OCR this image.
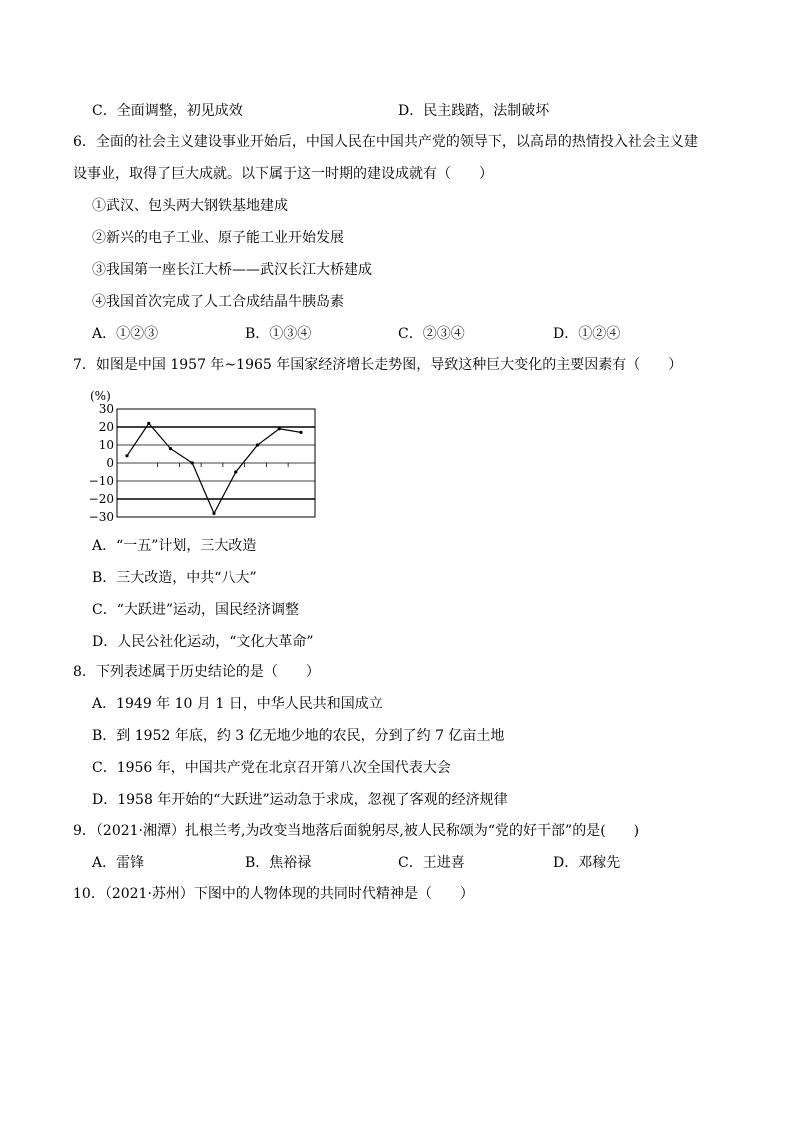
C．全面调整，初见成效	D．民主践踏，法制破坏
6．全面的社会主义建设事业开始后，中国人民在中国共产党的领导下，以高昂的热情投入社会主义建
设事业，取得了巨大成就。以下属于这一时期的建设成就有（　　）
①武汉、包头两大钢铁基地建成
②新兴的电子工业、原子能工业开始发展
③我国第一座长江大桥——武汉长江大桥建成
④我国首次完成了人工合成结晶牛胰岛素
A．①②③	B．①③④	C．②③④	D．①②④
7．如图是中国 1957 年~1965 年国家经济增长走势图，导致这种巨大变化的主要因素有（　　）
(%)
30
20
10
0
−10
−20
−30
A．“一五”计划，三大改造
B．三大改造，中共“八大”
C．“大跃进”运动，国民经济调整
D．人民公社化运动，“文化大革命”
8．下列表述属于历史结论的是（　　）
A．1949 年 10 月 1 日，中华人民共和国成立
B．到 1952 年底，约 3 亿无地少地的农民，分到了约 7 亿亩土地
C．1956 年，中国共产党在北京召开第八次全国代表大会
D．1958 年开始的“大跃进”运动急于求成，忽视了客观的经济规律
9．（2021·湘潭）扎根兰考,为改变当地落后面貌躬尽,被人民称颂为“党的好干部”的是(　　)
A．雷锋	B．焦裕禄	C．王进喜	D．邓稼先
10．（2021·苏州）下图中的人物体现的共同时代精神是（　　）
